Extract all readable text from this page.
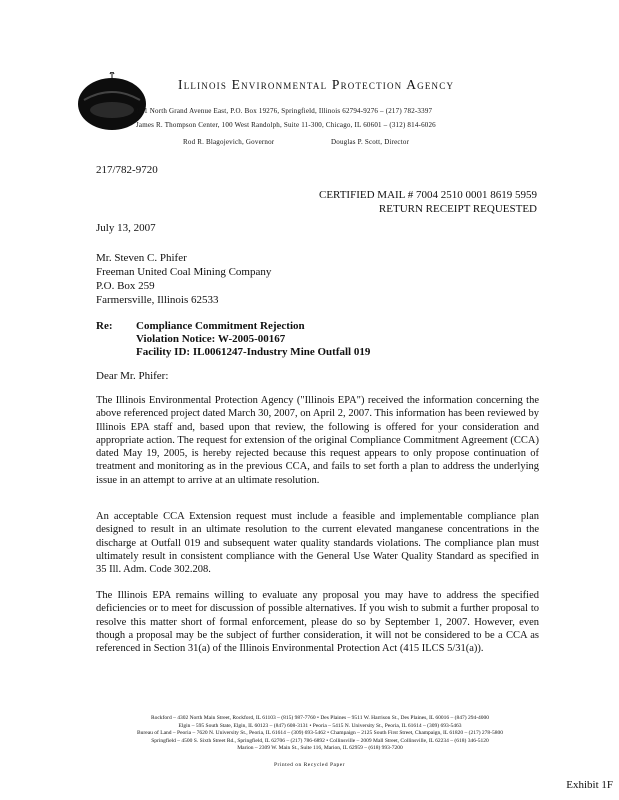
Illinois Environmental Protection Agency
1021 North Grand Avenue East, P.O. Box 19276, Springfield, Illinois 62794-9276 – (217) 782-3397
James R. Thompson Center, 100 West Randolph, Suite 11-300, Chicago, IL 60601 – (312) 814-6026
Rod R. Blagojevich, Governor	Douglas P. Scott, Director
217/782-9720
CERTIFIED MAIL # 7004 2510 0001 8619 5959
RETURN RECEIPT REQUESTED
July 13, 2007
Mr. Steven C. Phifer
Freeman United Coal Mining Company
P.O. Box 259
Farmersville, Illinois 62533
Re: Compliance Commitment Rejection
Violation Notice: W-2005-00167
Facility ID: IL0061247-Industry Mine Outfall 019
Dear Mr. Phifer:
The Illinois Environmental Protection Agency ("Illinois EPA") received the information concerning the above referenced project dated March 30, 2007, on April 2, 2007. This information has been reviewed by Illinois EPA staff and, based upon that review, the following is offered for your consideration and appropriate action. The request for extension of the original Compliance Commitment Agreement (CCA) dated May 19, 2005, is hereby rejected because this request appears to only propose continuation of treatment and monitoring as in the previous CCA, and fails to set forth a plan to address the underlying issue in an attempt to arrive at an ultimate resolution.
An acceptable CCA Extension request must include a feasible and implementable compliance plan designed to result in an ultimate resolution to the current elevated manganese concentrations in the discharge at Outfall 019 and subsequent water quality standards violations. The compliance plan must ultimately result in consistent compliance with the General Use Water Quality Standard as specified in 35 Ill. Adm. Code 302.208.
The Illinois EPA remains willing to evaluate any proposal you may have to address the specified deficiencies or to meet for discussion of possible alternatives. If you wish to submit a further proposal to resolve this matter short of formal enforcement, please do so by September 1, 2007. However, even though a proposal may be the subject of further consideration, it will not be considered to be a CCA as referenced in Section 31(a) of the Illinois Environmental Protection Act (415 ILCS 5/31(a)).
Rockford – 4302 North Main Street, Rockford, IL 61103 – (815) 987-7760 • Des Plaines – 9511 W. Harrison St., Des Plaines, IL 60016 – (847) 294-4000
Elgin – 595 South State, Elgin, IL 60123 – (847) 608-3131 • Peoria – 5415 N. University St., Peoria, IL 61614 – (309) 693-5463
Bureau of Land – Peoria – 7620 N. University St., Peoria, IL 61614 – (309) 693-5462 • Champaign – 2125 South First Street, Champaign, IL 61820 – (217) 278-5800
Springfield – 4500 S. Sixth Street Rd., Springfield, IL 62706 – (217) 786-6892 • Collinsville – 2009 Mall Street, Collinsville, IL 62234 – (618) 346-5120
Marion – 2309 W. Main St., Suite 116, Marion, IL 62959 – (618) 993-7200
Printed on Recycled Paper
Exhibit 1F
